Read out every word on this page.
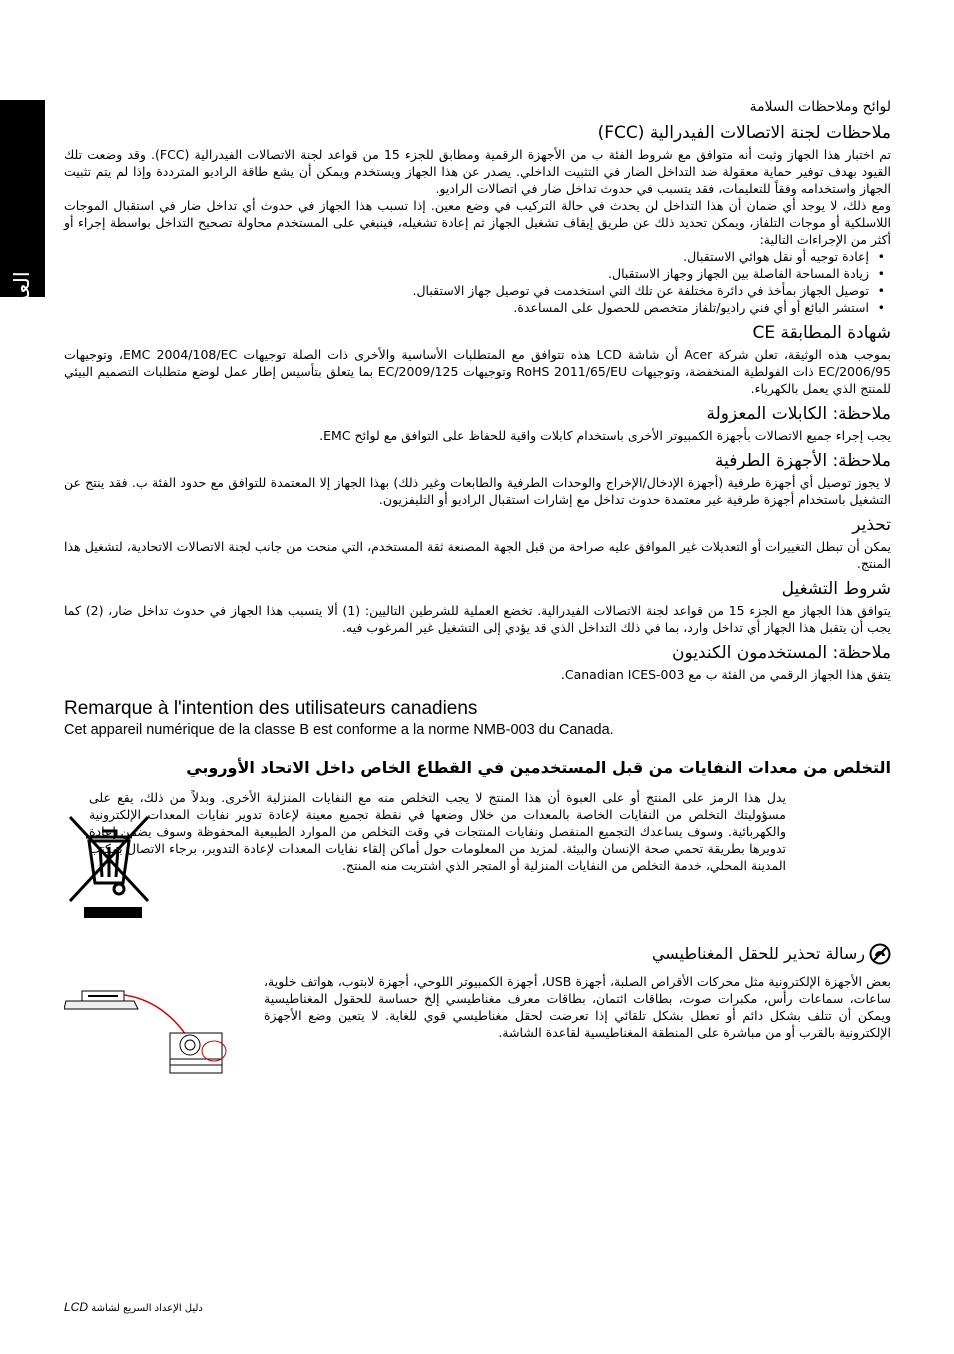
العربية

لوائح وملاحظات السلامة

ملاحظات لجنة الاتصالات الفيدرالية (FCC)

تم اختبار هذا الجهاز وثبت أنه متوافق مع شروط الفئة ب من الأجهزة الرقمية ومطابق للجزء 15 من قواعد لجنة الاتصالات الفيدرالية (FCC). وقد وضعت تلك القيود بهدف توفير حماية معقولة ضد التداخل الضار في التثبيت الداخلي. يصدر عن هذا الجهاز ويستخدم ويمكن أن يشع طاقة الراديو المترددة وإذا لم يتم تثبيت الجهاز واستخدامه وفقاً للتعليمات، فقد يتسبب في حدوث تداخل ضار في اتصالات الراديو.

ومع ذلك، لا يوجد أي ضمان أن هذا التداخل لن يحدث في حالة التركيب في وضع معين. إذا تسبب هذا الجهاز في حدوث أي تداخل ضار في استقبال الموجات اللاسلكية أو موجات التلفاز، ويمكن تحديد ذلك عن طريق إيقاف تشغيل الجهاز ثم إعادة تشغيله، فينبغي على المستخدم محاولة تصحيح التداخل بواسطة إجراء أو أكثر من الإجراءات التالية:

• إعادة توجيه أو نقل هوائي الاستقبال.
• زيادة المساحة الفاصلة بين الجهاز وجهاز الاستقبال.
• توصيل الجهاز بمأخذ في دائرة مختلفة عن تلك التي استخدمت في توصيل جهاز الاستقبال.
• استشر البائع أو أي فني راديو/تلفاز متخصص للحصول على المساعدة.
شهادة المطابقة CE

بموجب هذه الوثيقة، تعلن شركة Acer أن شاشة LCD هذه تتوافق مع المتطلبات الأساسية والأخرى ذات الصلة توجيهات EMC 2004/108/EC، وتوجيهات 2006/95/EC ذات الفولطية المنخفضة، وتوجيهات RoHS 2011/65/EU وتوجيهات 2009/125/EC بما يتعلق بتأسيس إطار عمل لوضع متطلبات التصميم البيئي للمنتج الذي يعمل بالكهرباء.

ملاحظة: الكابلات المعزولة

يجب إجراء جميع الاتصالات بأجهزة الكمبيوتر الأخرى باستخدام كابلات واقية للحفاظ على التوافق مع لوائح EMC.

ملاحظة: الأجهزة الطرفية

لا يجوز توصيل أي أجهزة طرفية (أجهزة الإدخال/الإخراج والوحدات الطرفية والطابعات وغير ذلك) بهذا الجهاز إلا المعتمدة للتوافق مع حدود الفئة ب. فقد ينتج عن التشغيل باستخدام أجهزة طرفية غير معتمدة حدوث تداخل مع إشارات استقبال الراديو أو التليفزيون.

تحذير

يمكن أن تبطل التغييرات أو التعديلات غير الموافق عليه صراحة من قبل الجهة المصنعة ثقة المستخدم، التي منحت من جانب لجنة الاتصالات الاتحادية، لتشغيل هذا المنتج.

شروط التشغيل

يتوافق هذا الجهاز مع الجزء 15 من قواعد لجنة الاتصالات الفيدرالية. تخضع العملية للشرطين التاليين: (1) ألا يتسبب هذا الجهاز في حدوث تداخل ضار، (2) كما يجب أن يتقبل هذا الجهاز أي تداخل وارد، بما في ذلك التداخل الذي قد يؤدي إلى التشغيل غير المرغوب فيه.

ملاحظة: المستخدمون الكنديون

يتفق هذا الجهاز الرقمي من الفئة ب مع Canadian ICES-003.

Remarque à l'intention des utilisateurs canadiens

Cet appareil numérique de la classe B est conforme a la norme NMB-003 du Canada.

التخلص من معدات النفايات من قبل المستخدمين في القطاع الخاص داخل الاتحاد الأوروبي

يدل هذا الرمز على المنتج أو على العبوة أن هذا المنتج لا يجب التخلص منه مع النفايات المنزلية الأخرى. وبدلاً من ذلك، يقع على مسؤوليتك التخلص من النفايات الخاصة بالمعدات من خلال وضعها في نقطة تجميع معينة لإعادة تدوير نفايات المعدات الإلكترونية والكهربائية. وسوف يساعدك التجميع المنفصل ونفايات المنتجات في وقت التخلص من الموارد الطبيعية المحفوظة وسوف يضمن إعادة تدويرها بطريقة تحمي صحة الإنسان والبيئة. لمزيد من المعلومات حول أماكن إلقاء نفايات المعدات لإعادة التدوير، برجاء الاتصال بمكتب المدينة المحلي، خدمة التخلص من النفايات المنزلية أو المتجر الذي اشتريت منه المنتج.

رسالة تحذير للحقل المغناطيسي

بعض الأجهزة الإلكترونية مثل محركات الأقراص الصلبة، أجهزة USB، أجهزة الكمبيوتر اللوحي، أجهزة لابتوب، هواتف خلوية، ساعات، سماعات رأس، مكبرات صوت، بطاقات ائتمان، بطاقات معرف مغناطيسي إلخ حساسة للحقول المغناطيسية ويمكن أن تتلف بشكل دائم أو تعطل بشكل تلقائي إذا تعرضت لحقل مغناطيسي قوي للغاية. لا يتعين وضع الأجهزة الإلكترونية بالقرب أو من مباشرة على المنطقة المغناطيسية لقاعدة الشاشة.

LCD دليل الإعداد السريع لشاشة
